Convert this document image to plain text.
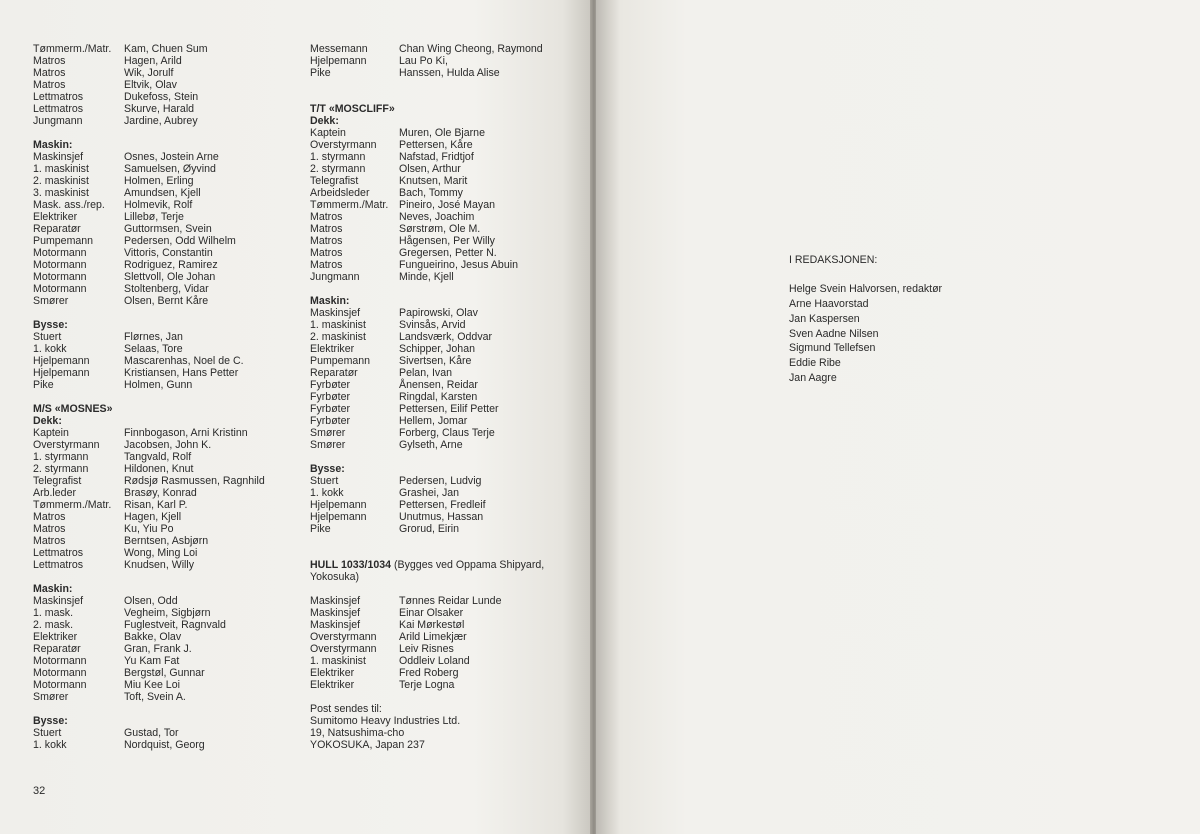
Tømmerm./Matr.	Kam, Chuen Sum
Matros	Hagen, Arild
Matros	Wik, Jorulf
Matros	Eltvik, Olav
Lettmatros	Dukefoss, Stein
Lettmatros	Skurve, Harald
Jungmann	Jardine, Aubrey
Maskin:
Maskinsjef	Osnes, Jostein Arne
1. maskinist	Samuelsen, Øyvind
2. maskinist	Holmen, Erling
3. maskinist	Amundsen, Kjell
Mask. ass./rep.	Holmevik, Rolf
Elektriker	Lillebø, Terje
Reparatør	Guttormsen, Svein
Pumpemann	Pedersen, Odd Wilhelm
Motormann	Vittoris, Constantin
Motormann	Rodriguez, Ramirez
Motormann	Slettvoll, Ole Johan
Motormann	Stoltenberg, Vidar
Smører	Olsen, Bernt Kåre
Bysse:
Stuert	Flørnes, Jan
1. kokk	Selaas, Tore
Hjelpemann	Mascarenhas, Noel de C.
Hjelpemann	Kristiansen, Hans Petter
Pike	Holmen, Gunn
M/S «MOSNES»
Dekk:
Kaptein	Finnbogason, Arni Kristinn
Overstyrmann	Jacobsen, John K.
1. styrmann	Tangvald, Rolf
2. styrmann	Hildonen, Knut
Telegrafist	Rødsjø Rasmussen, Ragnhild
Arb.leder	Brasøy, Konrad
Tømmerm./Matr.	Risan, Karl P.
Matros	Hagen, Kjell
Matros	Ku, Yiu Po
Matros	Berntsen, Asbjørn
Lettmatros	Wong, Ming Loi
Lettmatros	Knudsen, Willy
Maskin:
Maskinsjef	Olsen, Odd
1. mask.	Vegheim, Sigbjørn
2. mask.	Fuglestveit, Ragnvald
Elektriker	Bakke, Olav
Reparatør	Gran, Frank J.
Motormann	Yu Kam Fat
Motormann	Bergstøl, Gunnar
Motormann	Miu Kee Loi
Smører	Toft, Svein A.
Bysse:
Stuert	Gustad, Tor
1. kokk	Nordquist, Georg
Messemann	Chan Wing Cheong, Raymond
Hjelpemann	Lau Po Ki,
Pike	Hanssen, Hulda Alise
T/T «MOSCLIFF»
Dekk:
Kaptein	Muren, Ole Bjarne
Overstyrmann	Pettersen, Kåre
1. styrmann	Nafstad, Fridtjof
2. styrmann	Olsen, Arthur
Telegrafist	Knutsen, Marit
Arbeidsleder	Bach, Tommy
Tømmerm./Matr.	Pineiro, José Mayan
Matros	Neves, Joachim
Matros	Sørstrøm, Ole M.
Matros	Hågensen, Per Willy
Matros	Gregersen, Petter N.
Matros	Fungueirino, Jesus Abuin
Jungmann	Minde, Kjell
Maskin:
Maskinsjef	Papirowski, Olav
1. maskinist	Svinsås, Arvid
2. maskinist	Landsværk, Oddvar
Elektriker	Schipper, Johan
Pumpemann	Sivertsen, Kåre
Reparatør	Pelan, Ivan
Fyrbøter	Ånensen, Reidar
Fyrbøter	Ringdal, Karsten
Fyrbøter	Pettersen, Eilif Petter
Fyrbøter	Hellem, Jomar
Smører	Forberg, Claus Terje
Smører	Gylseth, Arne
Bysse:
Stuert	Pedersen, Ludvig
1. kokk	Grashei, Jan
Hjelpemann	Pettersen, Fredleif
Hjelpemann	Unutmus, Hassan
Pike	Grorud, Eirin
HULL 1033/1034 (Bygges ved Oppama Shipyard, Yokosuka)
Maskinsjef	Tønnes Reidar Lunde
Maskinsjef	Einar Olsaker
Maskinsjef	Kai Mørkestøl
Overstyrmann	Arild Limekjær
Overstyrmann	Leiv Risnes
1. maskinist	Oddleiv Loland
Elektriker	Fred Roberg
Elektriker	Terje Logna
Post sendes til:
Sumitomo Heavy Industries Ltd.
19, Natsushima-cho
YOKOSUKA, Japan 237
32
I REDAKSJONEN:
Helge Svein Halvorsen, redaktør
Arne Haavorstad
Jan Kaspersen
Sven Aadne Nilsen
Sigmund Tellefsen
Eddie Ribe
Jan Aagre
